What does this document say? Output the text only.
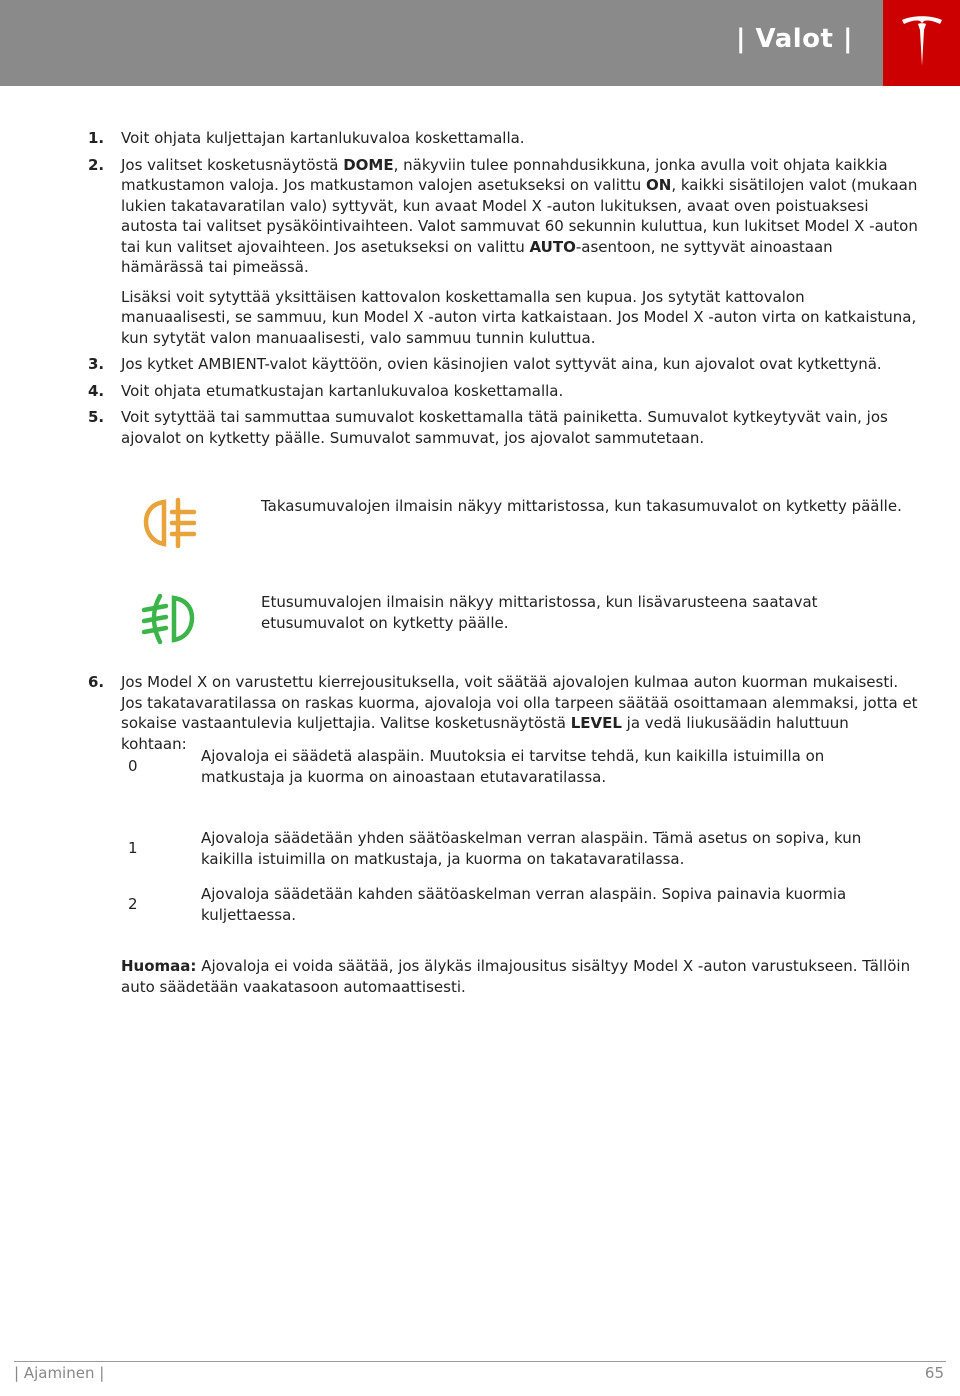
| Valot |
1. Voit ohjata kuljettajan kartanlukuvaloa koskettamalla.

2. Jos valitset kosketusnäytöstä DOME, näkyviin tulee ponnahdusikkuna, jonka avulla voit ohjata kaikkia matkustamon valoja. Jos matkustamon valojen asetukseksi on valittu ON, kaikki sisätilojen valot (mukaan lukien takatavaratilan valo) syttyvät, kun avaat Model X -auton lukituksen, avaat oven poistuaksesi autosta tai valitset pysäköintivaihteen. Valot sammuvat 60 sekunnin kuluttua, kun lukitset Model X -auton tai kun valitset ajovaihteen. Jos asetukseksi on valittu AUTO-asentoon, ne syttyvät ainoastaan hämärässä tai pimeässä.

Lisäksi voit sytyttää yksittäisen kattovalon koskettamalla sen kupua. Jos sytytät kattovalon manuaalisesti, se sammuu, kun Model X -auton virta katkaistaan. Jos Model X -auton virta on katkaistuna, kun sytytät valon manuaalisesti, valo sammuu tunnin kuluttua.

3. Jos kytket AMBIENT-valot käyttöön, ovien käsinojien valot syttyvät aina, kun ajovalot ovat kytkettynä.

4. Voit ohjata etumatkustajan kartanlukuvaloa koskettamalla.

5. Voit sytyttää tai sammuttaa sumuvalot koskettamalla tätä painiketta. Sumuvalot kytkeytyvät vain, jos ajovalot on kytketty päälle. Sumuvalot sammuvat, jos ajovalot sammutetaan.

Takasumuvalojen ilmaisin näkyy mittaristossa, kun takasumuvalot on kytketty päälle.
Etusumuvalojen ilmaisin näkyy mittaristossa, kun lisävarusteena saatavat etusumuvalot on kytketty päälle.
6. Jos Model X on varustettu kierrejousituksella, voit säätää ajovalojen kulmaa auton kuorman mukaisesti. Jos takatavaratilassa on raskas kuorma, ajovaloja voi olla tarpeen säätää osoittamaan alemmaksi, jotta et sokaise vastaantulevia kuljettajia. Valitse kosketusnäytöstä LEVEL ja vedä liukusäädin haluttuun kohtaan:

0
Ajovaloja ei säädetä alaspäin. Muutoksia ei tarvitse tehdä, kun kaikilla istuimilla on matkustaja ja kuorma on ainoastaan etutavaratilassa.
1
Ajovaloja säädetään yhden säätöaskelman verran alaspäin. Tämä asetus on sopiva, kun kaikilla istuimilla on matkustaja, ja kuorma on takatavaratilassa.
2
Ajovaloja säädetään kahden säätöaskelman verran alaspäin. Sopiva painavia kuormia kuljettaessa.
Huomaa: Ajovaloja ei voida säätää, jos älykäs ilmajousitus sisältyy Model X -auton varustukseen. Tällöin auto säädetään vaakatasoon automaattisesti.
| Ajaminen |	65
